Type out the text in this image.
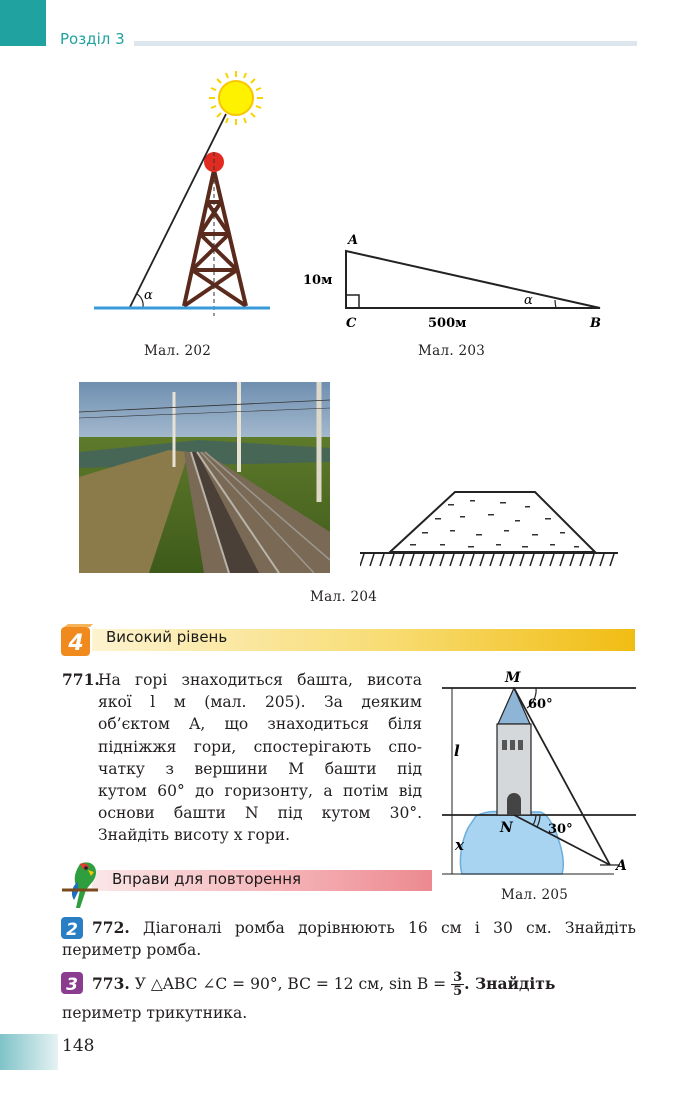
Розділ 3
α
Мал. 202
A
C	B
10м
500м
α
Мал. 203
Мал. 204
4 Високий рівень
771.
На горі знаходиться башта, висота
якої l м (мал. 205). За деяким
об’єктом A, що знаходиться біля
підніжжя гори, спостерігають спо-
чатку з вершини M башти під
кутом 60° до горизонту, а потім від
основи башти N під кутом 30°.
Знайдіть висоту x гори.
M
60°
N	30°
A
l
x
Мал. 205
Вправи для повторення
2 772. Діагоналі ромба дорівнюють 16 см і 30 см. Знайдіть
периметр ромба.
3 773.
У △ABC ∠C = 90°, BC = 12 см, sin B =
$\frac{3}{5}$ . Знайдіть
периметр трикутника.
148
